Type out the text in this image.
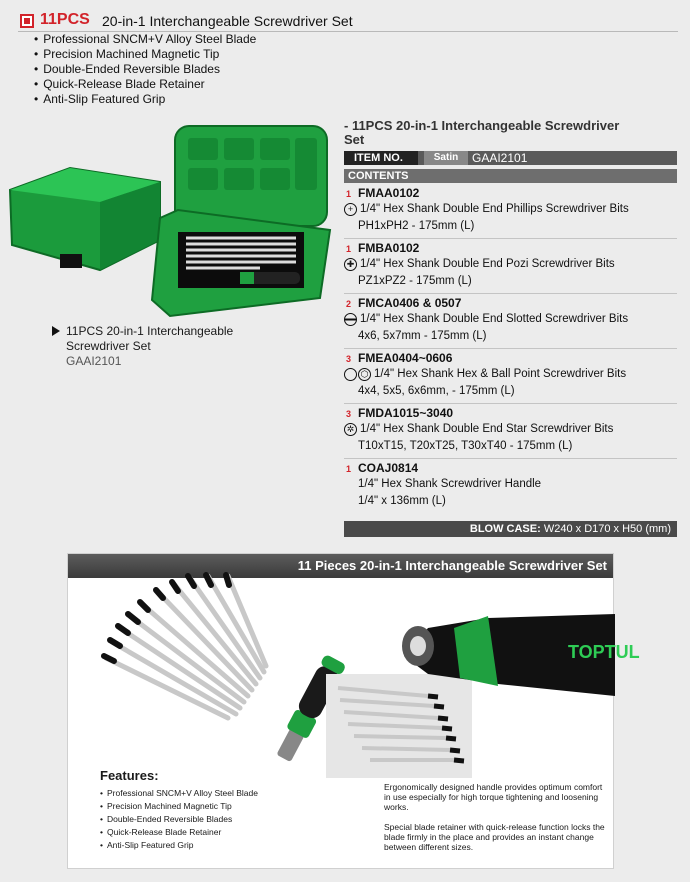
11PCS 20-in-1 Interchangeable Screwdriver Set
• Professional SNCM+V Alloy Steel Blade
• Precision Machined Magnetic Tip
• Double-Ended Reversible Blades
• Quick-Release Blade Retainer
• Anti-Slip Featured Grip
11PCS 20-in-1 Interchangeable Screwdriver Set
GAAI2101
- 11PCS 20-in-1 Interchangeable Screwdriver Set
ITEM NO.	Satin	GAAI2101
CONTENTS
1 FMAA0102
+ 1/4" Hex Shank Double End Phillips Screwdriver Bits
PH1xPH2 - 175mm (L)
1 FMBA0102
✚ 1/4" Hex Shank Double End Pozi Screwdriver Bits
PZ1xPZ2 - 175mm (L)
2 FMCA0406 & 0507
1/4" Hex Shank Double End Slotted Screwdriver Bits
4x6, 5x7mm - 175mm (L)
3 FMEA0404~0606
⬡ 1/4" Hex Shank Hex & Ball Point Screwdriver Bits
4x4, 5x5, 6x6mm, - 175mm (L)
3 FMDA1015~3040
✲ 1/4" Hex Shank Double End Star Screwdriver Bits
T10xT15, T20xT25, T30xT40 - 175mm (L)
1 COAJ0814
1/4" Hex Shank Screwdriver Handle
1/4" x 136mm (L)
BLOW CASE: W240 x D170 x H50 (mm)
11 Pieces 20-in-1 Interchangeable Screwdriver Set
TOPTUL
Features:
• Professional SNCM+V Alloy Steel Blade
• Precision Machined Magnetic Tip
• Double-Ended Reversible Blades
• Quick-Release Blade Retainer
• Anti-Slip Featured Grip

Ergonomically designed handle provides optimum comfort in use especially for high torque tightening and loosening works.

Special blade retainer with quick-release function locks the blade firmly in the place and provides an instant change between different sizes.
